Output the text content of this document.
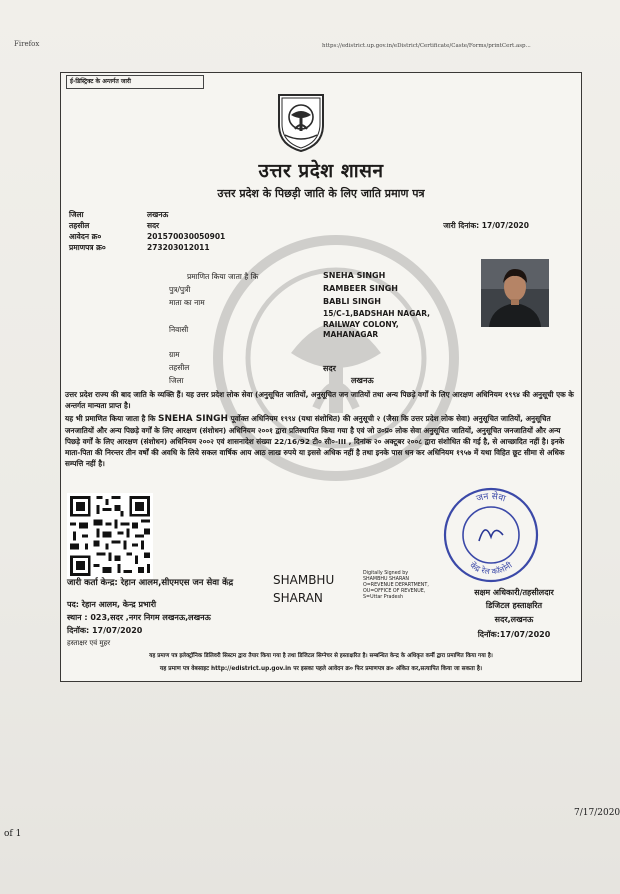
Firefox	https://edistrict.up.gov.in/eDistrict/Certificate/Caste/Forms/printCert.asp...
ई-डिस्ट्रिक्ट के अन्तर्गत जारी
उत्तर प्रदेश शासन
उत्तर प्रदेश के पिछड़ी जाति के लिए जाति प्रमाण पत्र
जिला	लखनऊ
तहसील	सदर
आवेदन क्र०	201570030050901
प्रमाणपत्र क्र०	273203012011
जारी दिनांक: 17/07/2020
प्रमाणित किया जाता है कि	SNEHA SINGH
पुत्र/पुत्री	RAMBEER SINGH
माता का नाम	BABLI SINGH
निवासी
15/C-1,BADSHAH NAGAR, RAILWAY COLONY, MAHANAGAR
ग्राम
तहसील	सदर
जिला	लखनऊ
उत्तर प्रदेश राज्य की बाद जाति के व्यक्ति हैं। यह उत्तर प्रदेश लोक सेवा (अनुसूचित जातियों, अनुसूचित जन जातियों तथा अन्य पिछड़े वर्गों के लिए आरक्षण अधिनियम १९९४ की अनुसूची एक के अन्तर्गत मान्यता प्राप्त है।
यह भी प्रमाणित किया जाता है कि SNEHA SINGH पूर्वोक्त अधिनियम १९९४ (यथा संशोधित) की अनुसूची २ (जैसा कि उत्तर प्रदेश लोक सेवा) अनुसूचित जातियों, अनुसूचित जनजातियों और अन्य पिछड़े वर्गों के लिए आरक्षण (संशोधन) अधिनियम २००१ द्वारा प्रतिस्थापित किया गया है एवं जो उ०प्र० लोक सेवा अनुसूचित जातियों, अनुसूचित जनजातियों और अन्य पिछड़े वर्गों के लिए आरक्षण (संशोधन) अधिनियम २००२ एवं शासनादेश संख्या 22/16/92 टी० सी०-III , दिनांक २० अक्टूबर २००८ द्वारा संशोधित की गई है, से आच्छादित नहीं है। इनके माता-पिता की निरन्तर तीन वर्षों की अवधि के लिये सकल वार्षिक आय आठ लाख रुपये या इससे अधिक नहीं है तथा इनके पास धन कर अधिनियम १९५७ में यथा विहित छूट सीमा से अधिक सम्पत्ति नहीं है।
जन सेवा
केंद्र रेल कॉलोनी
जारी कर्ता केन्द्र: रेहान आलम,सीएमएस जन सेवा केंद्र	SHAMBHU SHARAN
Digitally Signed by SHAMBHU SHARAN O=REVENUE DEPARTMENT, OU=OFFICE OF REVENUE, S=Uttar Pradesh
पद: रेहान आलम, केन्द्र प्रभारी
स्थान : 023,सदर ,नगर निगम लखनऊ,लखनऊ
दिनॉक: 17/07/2020
हस्ताक्षर एवं मुहर
सक्षम अधिकारी/तहसीलदार
डिजिटल हस्ताक्षरित
सदर,लखनऊ
दिनॉक:17/07/2020
यह प्रमाण पत्र इलेक्ट्रॉनिक डिलिवरी सिस्टम द्वारा तैयार किया गया है तथा डिजिटल सिग्नेचर से हस्ताक्षरित है। सम्बन्धित केन्द्र के अधिकृत कर्मी द्वारा प्रमाणित किया गया है।
यह प्रमाण पत्र वेबसाइट http://edistrict.up.gov.in पर इसका पहले आवेदन क्र० फिर प्रमाणपत्र क्र० अंकित कर,सत्यापित किया जा सकता है।
7/17/2020
of 1
